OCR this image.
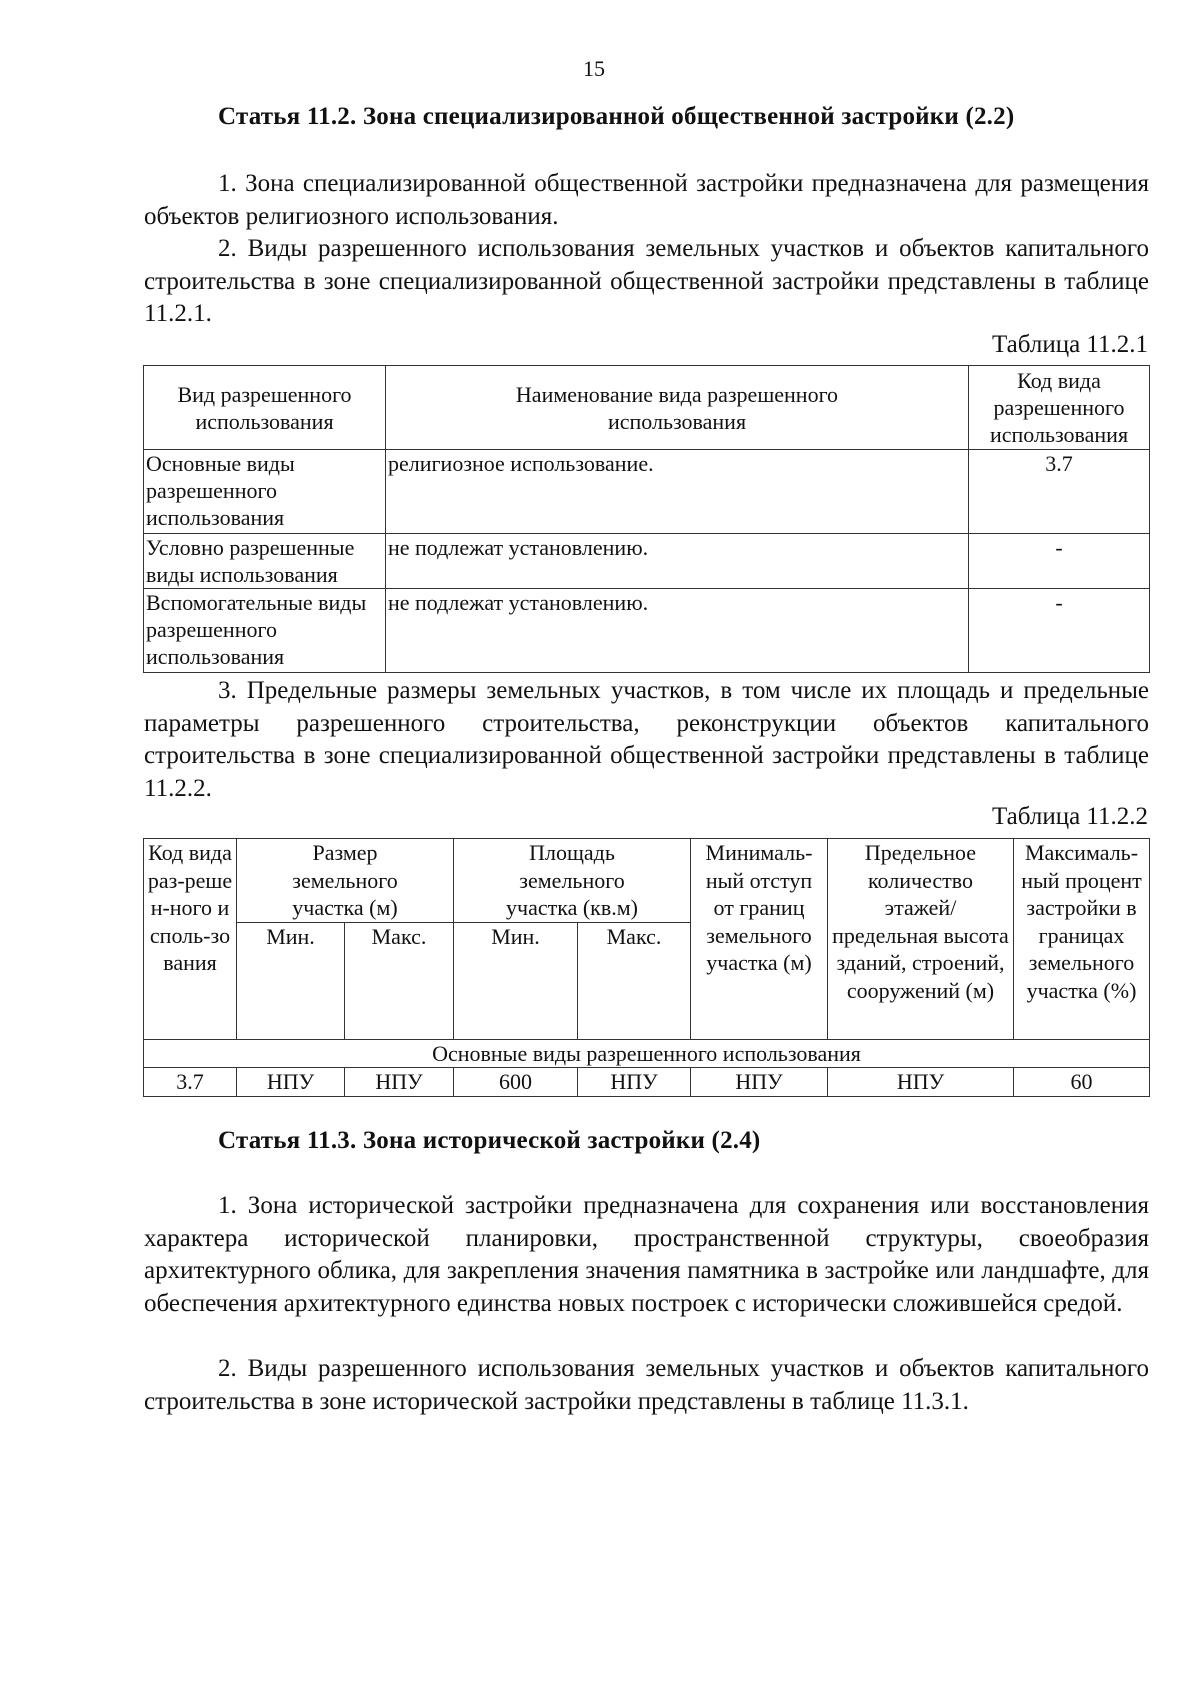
15
Статья 11.2. Зона специализированной общественной застройки (2.2)
1. Зона специализированной общественной застройки предназначена для размещения объектов религиозного использования.
2. Виды разрешенного использования земельных участков и объектов капитального строительства в зоне специализированной общественной застройки представлены в таблице 11.2.1.
Таблица 11.2.1
Вид разрешенного использования	Наименование вида разрешенного использования	Код вида разрешенного использования
Основные виды разрешенного использования	религиозное использование.	3.7
Условно разрешенные виды использования	не подлежат установлению.	-
Вспомогательные виды разрешенного использования	не подлежат установлению.	-
3. Предельные размеры земельных участков, в том числе их площадь и предельные параметры разрешенного строительства, реконструкции объектов капитального строительства в зоне специализированной общественной застройки представлены в таблице 11.2.2.
Таблица 11.2.2
Код вида раз-решен-ного исполь-зования	Размер земельного участка (м)		Площадь земельного участка (кв.м)		Минималь-ный отступ от границ земельного участка (м)	Предельное количество этажей/ предельная высота зданий, строений, сооружений (м)	Максималь-ный процент застройки в границах земельного участка (%)
	Мин.	Макс.	Мин.	Макс.			
Основные виды разрешенного использования							
3.7	НПУ	НПУ	600	НПУ	НПУ	НПУ	60
Статья 11.3. Зона исторической застройки (2.4)
1. Зона исторической застройки предназначена для сохранения или восстановления характера исторической планировки, пространственной структуры, своеобразия архитектурного облика, для закрепления значения памятника в застройке или ландшафте, для обеспечения архитектурного единства новых построек с исторически сложившейся средой.
2. Виды разрешенного использования земельных участков и объектов капитального строительства в зоне исторической застройки представлены в таблице 11.3.1.
